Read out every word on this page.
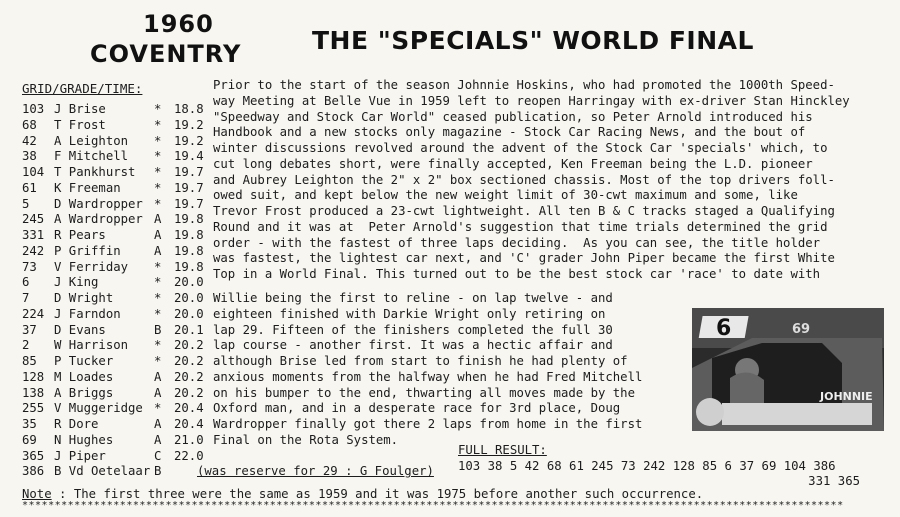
1960
COVENTRY	THE "SPECIALS" WORLD FINAL
GRID/GRADE/TIME:
103 J Brise	* 18.8
68 T Frost	* 19.2
42 A Leighton * 19.2
38 F Mitchell * 19.4
104 T Pankhurst * 19.7
61 K Freeman	* 19.7
5 D Wardropper * 19.7
245 A Wardropper A 19.8
331 R Pears	A 19.8
242 P Griffin	A 19.8
73 V Ferriday * 19.8
6 J King	* 20.0
7 D Wright	* 20.0
224 J Farndon	* 20.0
37 D Evans	B 20.1
2 W Harrison * 20.2
85 P Tucker	* 20.2
128 M Loades	A 20.2
138 A Briggs	A 20.2
255 V Muggeridge * 20.4
35 R Dore	A 20.4
69 N Hughes	A 21.0
365 J Piper	C 22.0
386 B Vd Oetelaar B	(was reserve for 29 : G Foulger)
Prior to the start of the season Johnnie Hoskins, who had promoted the 1000th Speed-
way Meeting at Belle Vue in 1959 left to reopen Harringay with ex-driver Stan Hinckley
"Speedway and Stock Car World" ceased publication, so Peter Arnold introduced his
Handbook and a new stocks only magazine - Stock Car Racing News, and the bout of
winter discussions revolved around the advent of the Stock Car 'specials' which, to
cut long debates short, were finally accepted, Ken Freeman being the L.D. pioneer
and Aubrey Leighton the 2" x 2" box sectioned chassis. Most of the top drivers foll-
owed suit, and kept below the new weight limit of 30-cwt maximum and some, like
Trevor Frost produced a 23-cwt lightweight. All ten B & C tracks staged a Qualifying
Round and it was at  Peter Arnold's suggestion that time trials determined the grid
order - with the fastest of three laps deciding.  As you can see, the title holder
was fastest, the lightest car next, and 'C' grader John Piper became the first White
Top in a World Final. This turned out to be the best stock car 'race' to date with
Willie being the first to reline - on lap twelve - and
eighteen finished with Darkie Wright only retiring on
lap 29. Fifteen of the finishers completed the full 30
lap course - another first. It was a hectic affair and
although Brise led from start to finish he had plenty of
anxious moments from the halfway when he had Fred Mitchell
on his bumper to the end, thwarting all moves made by the
Oxford man, and in a desperate race for 3rd place, Doug
Wardropper finally got there 2 laps from home in the first
Final on the Rota System.
6	69
JOHNNIE
FULL RESULT:
103 38 5 42 68 61 245 73 242 128 85 6 37 69 104 386
331 365
Note : The first three were the same as 1959 and it was 1975 before another such occurrence.
******************************************************************************************************************************
